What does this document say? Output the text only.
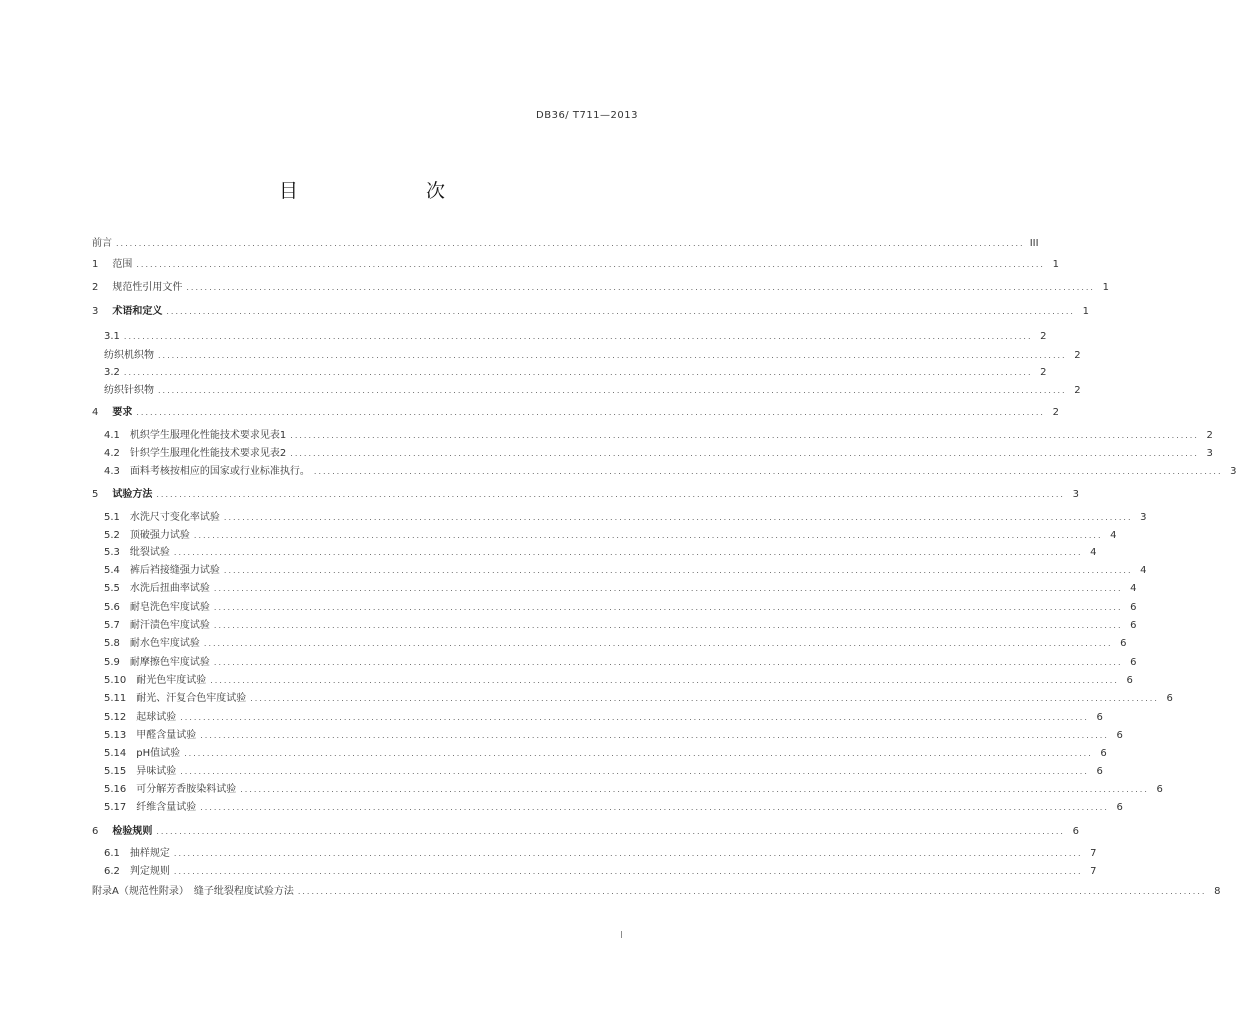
DB36/ T711—2013
目　　次
前言 ........................................................................................................................................................................................................ III
1 范围 ........................................................................................................................................................................................................ 1
2 规范性引用文件 ........................................................................................................................................................................................................ 1
3 术语和定义 ........................................................................................................................................................................................................ 1
3.1 ........................................................................................................................................................................................................ 2
纺织机织物 ........................................................................................................................................................................................................ 2
3.2 ........................................................................................................................................................................................................ 2
纺织针织物 ........................................................................................................................................................................................................ 2
4 要求 ........................................................................................................................................................................................................ 2
4.1 机织学生服理化性能技术要求见表1 ........................................................................................................................................................................................................ 2
4.2 针织学生服理化性能技术要求见表2 ........................................................................................................................................................................................................ 3
4.3 面料考核按相应的国家或行业标准执行。 ........................................................................................................................................................................................................ 3
5 试验方法 ........................................................................................................................................................................................................ 3
5.1 水洗尺寸变化率试验 ........................................................................................................................................................................................................ 3
5.2 顶破强力试验 ........................................................................................................................................................................................................ 4
5.3 纰裂试验 ........................................................................................................................................................................................................ 4
5.4 裤后裆接缝强力试验 ........................................................................................................................................................................................................ 4
5.5 水洗后扭曲率试验 ........................................................................................................................................................................................................ 4
5.6 耐皂洗色牢度试验 ........................................................................................................................................................................................................ 6
5.7 耐汗渍色牢度试验 ........................................................................................................................................................................................................ 6
5.8 耐水色牢度试验 ........................................................................................................................................................................................................ 6
5.9 耐摩擦色牢度试验 ........................................................................................................................................................................................................ 6
5.10 耐光色牢度试验 ........................................................................................................................................................................................................ 6
5.11 耐光、汗复合色牢度试验 ........................................................................................................................................................................................................ 6
5.12 起球试验 ........................................................................................................................................................................................................ 6
5.13 甲醛含量试验 ........................................................................................................................................................................................................ 6
5.14 pH值试验 ........................................................................................................................................................................................................ 6
5.15 异味试验 ........................................................................................................................................................................................................ 6
5.16 可分解芳香胺染料试验 ........................................................................................................................................................................................................ 6
5.17 纤维含量试验 ........................................................................................................................................................................................................ 6
6 检验规则 ........................................................................................................................................................................................................ 6
6.1 抽样规定 ........................................................................................................................................................................................................ 7
6.2 判定规则 ........................................................................................................................................................................................................ 7
附录A（规范性附录）　缝子纰裂程度试验方法 ........................................................................................................................................................................................................ 8
I
